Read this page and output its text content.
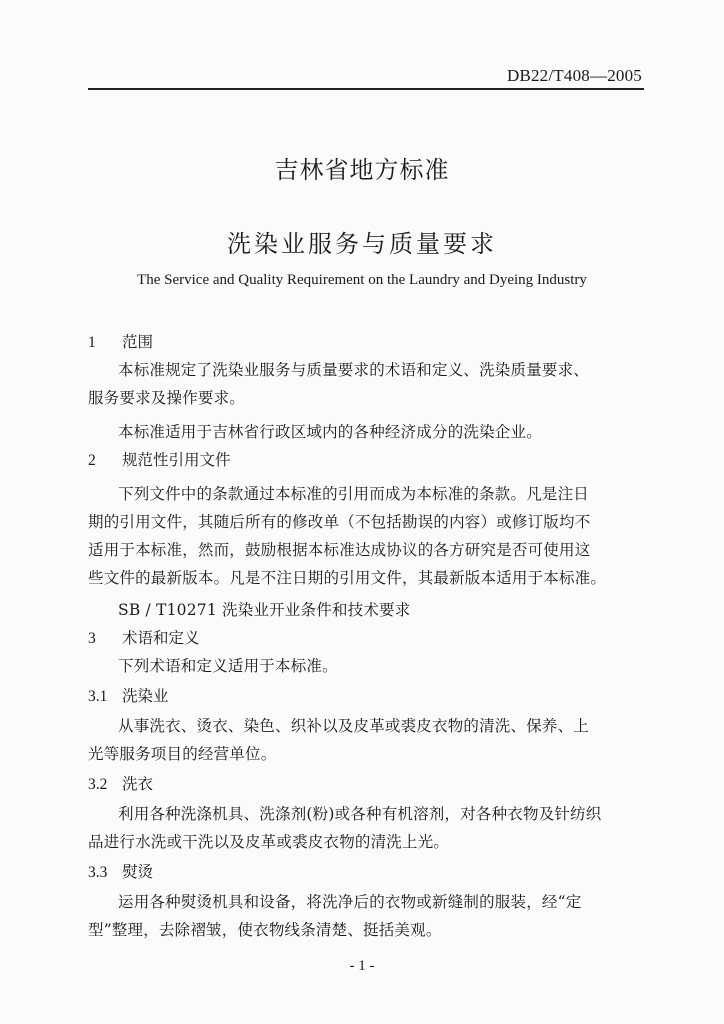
DB22/T408—2005
吉林省地方标准
洗染业服务与质量要求
The Service and Quality Requirement on the Laundry and Dyeing Industry
1 范围
本标准规定了洗染业服务与质量要求的术语和定义、洗染质量要求、
服务要求及操作要求。
本标准适用于吉林省行政区域内的各种经济成分的洗染企业。
2 规范性引用文件
下列文件中的条款通过本标准的引用而成为本标准的条款。凡是注日
期的引用文件，其随后所有的修改单（不包括勘误的内容）或修订版均不
适用于本标准，然而，鼓励根据本标准达成协议的各方研究是否可使用这
些文件的最新版本。凡是不注日期的引用文件，其最新版本适用于本标准。
SB / T10271 洗染业开业条件和技术要求
3 术语和定义
下列术语和定义适用于本标准。
3.1 洗染业
从事洗衣、烫衣、染色、织补以及皮革或裘皮衣物的清洗、保养、上
光等服务项目的经营单位。
3.2 洗衣
利用各种洗涤机具、洗涤剂(粉)或各种有机溶剂，对各种衣物及针纺织
品进行水洗或干洗以及皮革或裘皮衣物的清洗上光。
3.3 熨烫
运用各种熨烫机具和设备，将洗净后的衣物或新缝制的服装，经“定
型”整理，去除褶皱，使衣物线条清楚、挺括美观。
- 1 -
